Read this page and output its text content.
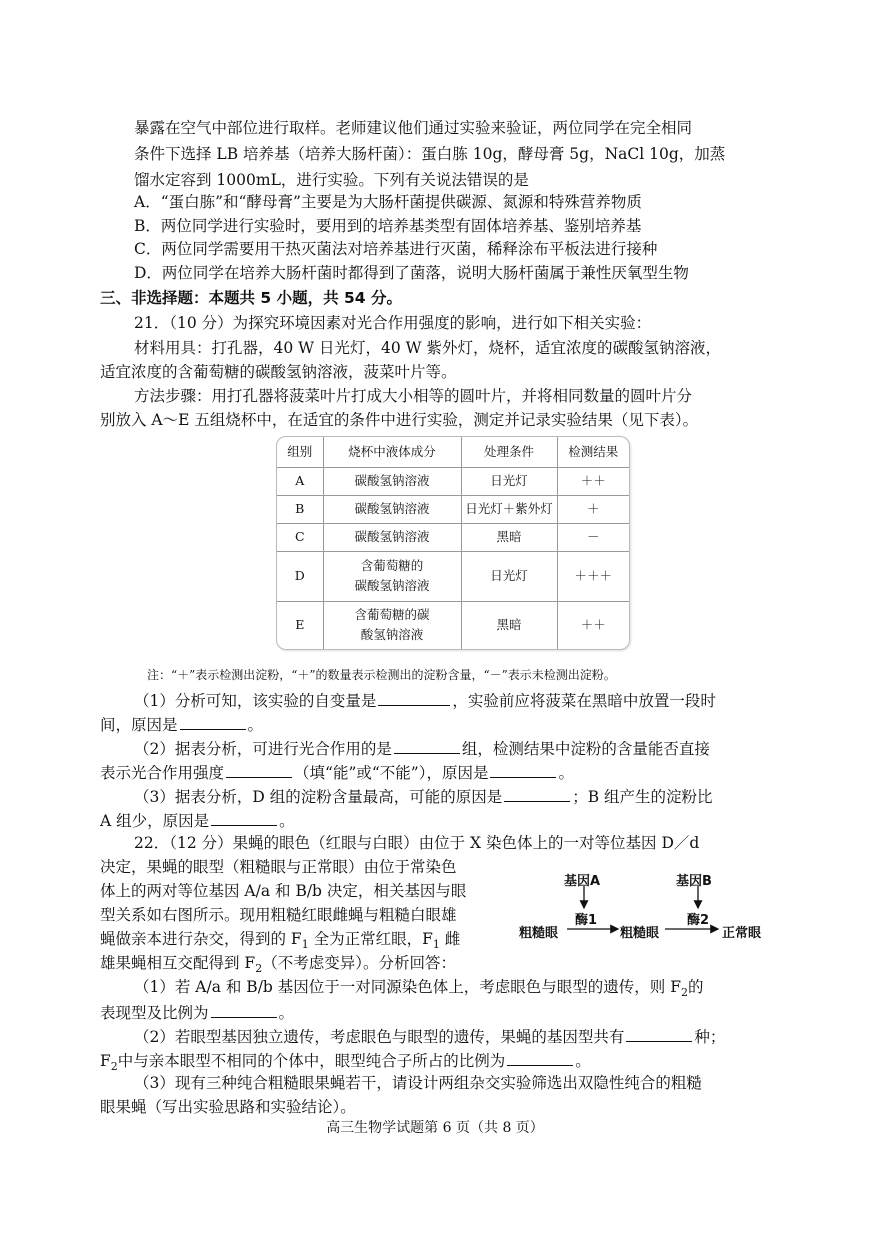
暴露在空气中部位进行取样。老师建议他们通过实验来验证，两位同学在完全相同
条件下选择 LB 培养基（培养大肠杆菌）：蛋白胨 10g，酵母膏 5g，NaCl 10g，加蒸
馏水定容到 1000mL，进行实验。下列有关说法错误的是
A．“蛋白胨”和“酵母膏”主要是为大肠杆菌提供碳源、氮源和特殊营养物质
B．两位同学进行实验时，要用到的培养基类型有固体培养基、鉴别培养基
C．两位同学需要用干热灭菌法对培养基进行灭菌，稀释涂布平板法进行接种
D．两位同学在培养大肠杆菌时都得到了菌落，说明大肠杆菌属于兼性厌氧型生物
三、非选择题：本题共 5 小题，共 54 分。
21．（10 分）为探究环境因素对光合作用强度的影响，进行如下相关实验：
材料用具：打孔器，40 W 日光灯，40 W 紫外灯，烧杯，适宜浓度的碳酸氢钠溶液，
适宜浓度的含葡萄糖的碳酸氢钠溶液，菠菜叶片等。
方法步骤：用打孔器将菠菜叶片打成大小相等的圆叶片，并将相同数量的圆叶片分
别放入 A～E 五组烧杯中，在适宜的条件中进行实验，测定并记录实验结果（见下表）。
组别	烧杯中液体成分	处理条件	检测结果
A	碳酸氢钠溶液	日光灯	＋＋
B	碳酸氢钠溶液	日光灯＋紫外灯	＋
C	碳酸氢钠溶液	黑暗	－
D	含葡萄糖的
碳酸氢钠溶液	日光灯	＋＋＋
E	含葡萄糖的碳
酸氢钠溶液	黑暗	＋＋
注：“＋”表示检测出淀粉，“＋”的数量表示检测出的淀粉含量，“－”表示未检测出淀粉。
（1）分析可知，该实验的自变量是	，实验前应将菠菜在黑暗中放置一段时
间，原因是	。
（2）据表分析，可进行光合作用的是	组，检测结果中淀粉的含量能否直接
表示光合作用强度	（填“能”或“不能”），原因是	。
（3）据表分析，D 组的淀粉含量最高，可能的原因是	；B 组产生的淀粉比
A 组少，原因是	。
22．（12 分）果蝇的眼色（红眼与白眼）由位于 X 染色体上的一对等位基因 D／d
决定，果蝇的眼型（粗糙眼与正常眼）由位于常染色
体上的两对等位基因 A/a 和 B/b 决定，相关基因与眼
型关系如右图所示。现用粗糙红眼雌蝇与粗糙白眼雄
蝇做亲本进行杂交，得到的 $F_1$ 全为正常红眼，$F_1$ 雌
雄果蝇相互交配得到 $F_2$（不考虑变异）。分析回答：
基因A	基因B
酶1	酶2
粗糙眼	粗糙眼	正常眼
（1）若 A/a 和 B/b 基因位于一对同源染色体上，考虑眼色与眼型的遗传，则 $F_2$的
表现型及比例为	。
（2）若眼型基因独立遗传，考虑眼色与眼型的遗传，果蝇的基因型共有	种；
$F_2$中与亲本眼型不相同的个体中，眼型纯合子所占的比例为	。
（3）现有三种纯合粗糙眼果蝇若干，请设计两组杂交实验筛选出双隐性纯合的粗糙
眼果蝇（写出实验思路和实验结论）。
高三生物学试题第 6 页（共 8 页）
